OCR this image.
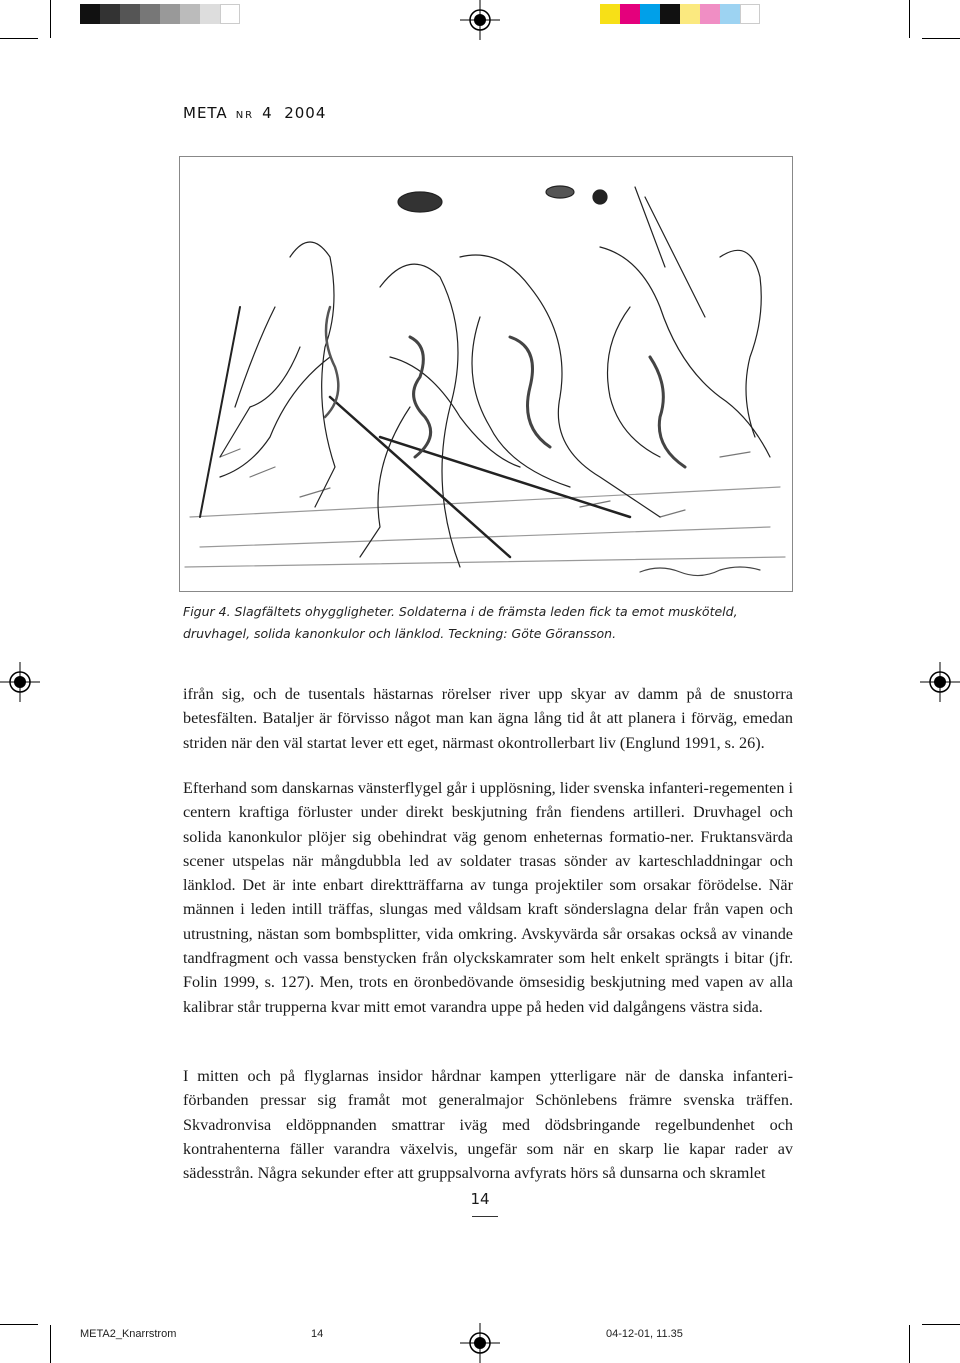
META NR 4 2004
Figur 4. Slagfältets ohyggligheter. Soldaterna i de främsta leden fick ta emot musköteld, druvhagel, solida kanonkulor och länklod. Teckning: Göte Göransson.

ifrån sig, och de tusentals hästarnas rörelser river upp skyar av damm på de snustorra betesfälten. Bataljer är förvisso något man kan ägna lång tid åt att planera i förväg, emedan striden när den väl startat lever ett eget, närmast okontrollerbart liv (Englund 1991, s. 26).

Efterhand som danskarnas vänsterflygel går i upplösning, lider svenska infanteri-regementen i centern kraftiga förluster under direkt beskjutning från fiendens artilleri. Druvhagel och solida kanonkulor plöjer sig obehindrat väg genom enheternas formatio-ner. Fruktansvärda scener utspelas när mångdubbla led av soldater trasas sönder av karteschladdningar och länklod. Det är inte enbart direktträffarna av tunga projektiler som orsakar förödelse. När männen i leden intill träffas, slungas med våldsam kraft sönderslagna delar från vapen och utrustning, nästan som bombsplitter, vida omkring. Avskyvärda sår orsakas också av vinande tandfragment och vassa benstycken från olyckskamrater som helt enkelt sprängts i bitar (jfr. Folin 1999, s. 127). Men, trots en öronbedövande ömsesidig beskjutning med vapen av alla kalibrar står trupperna kvar mitt emot varandra uppe på heden vid dalgångens västra sida.

I mitten och på flyglarnas insidor hårdnar kampen ytterligare när de danska infanteri-förbanden pressar sig framåt mot generalmajor Schönlebens främre svenska träffen. Skvadronvisa eldöppnanden smattrar iväg med dödsbringande regelbundenhet och kontrahenterna fäller varandra växelvis, ungefär som när en skarp lie kapar rader av sädesstrån. Några sekunder efter att gruppsalvorna avfyrats hörs så dunsarna och skramlet

14
META2_Knarrstrom	14	04-12-01, 11.35
